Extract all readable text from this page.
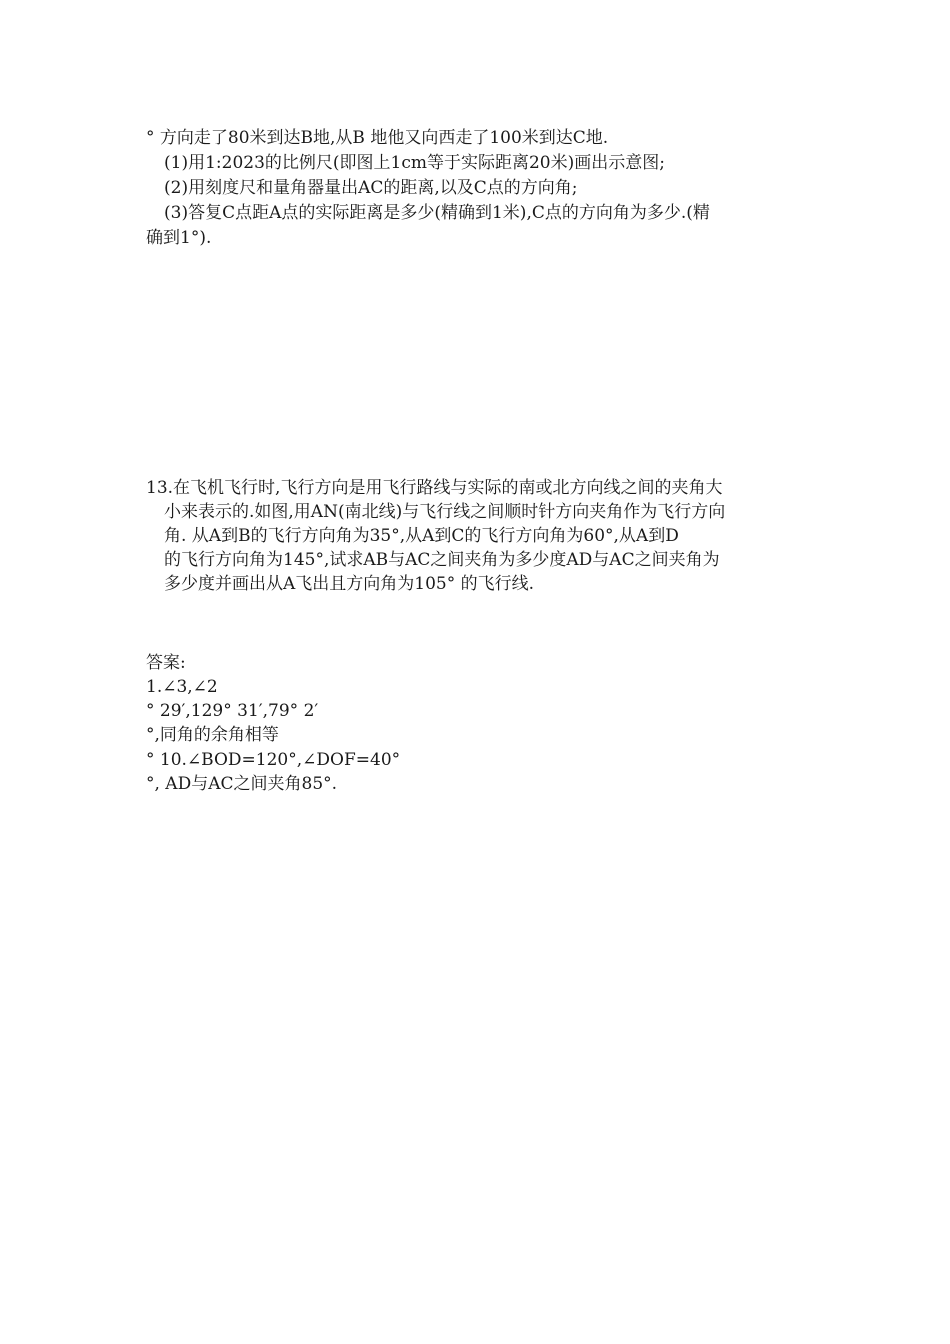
° 方向走了80米到达B地,从B 地他又向西走了100米到达C地.
(1)用1:2023的比例尺(即图上1cm等于实际距离20米)画出示意图;
(2)用刻度尺和量角器量出AC的距离,以及C点的方向角;
(3)答复C点距A点的实际距离是多少(精确到1米),C点的方向角为多少.(精
确到1°).
13.在飞机飞行时,飞行方向是用飞行路线与实际的南或北方向线之间的夹角大
小来表示的.如图,用AN(南北线)与飞行线之间顺时针方向夹角作为飞行方向
角. 从A到B的飞行方向角为35°,从A到C的飞行方向角为60°,从A到D
的飞行方向角为145°,试求AB与AC之间夹角为多少度AD与AC之间夹角为
多少度并画出从A飞出且方向角为105° 的飞行线.
答案:
1.∠3,∠2
° 29′,129° 31′,79° 2′
°,同角的余角相等
° 10.∠BOD=120°,∠DOF=40°
°, AD与AC之间夹角85°.
